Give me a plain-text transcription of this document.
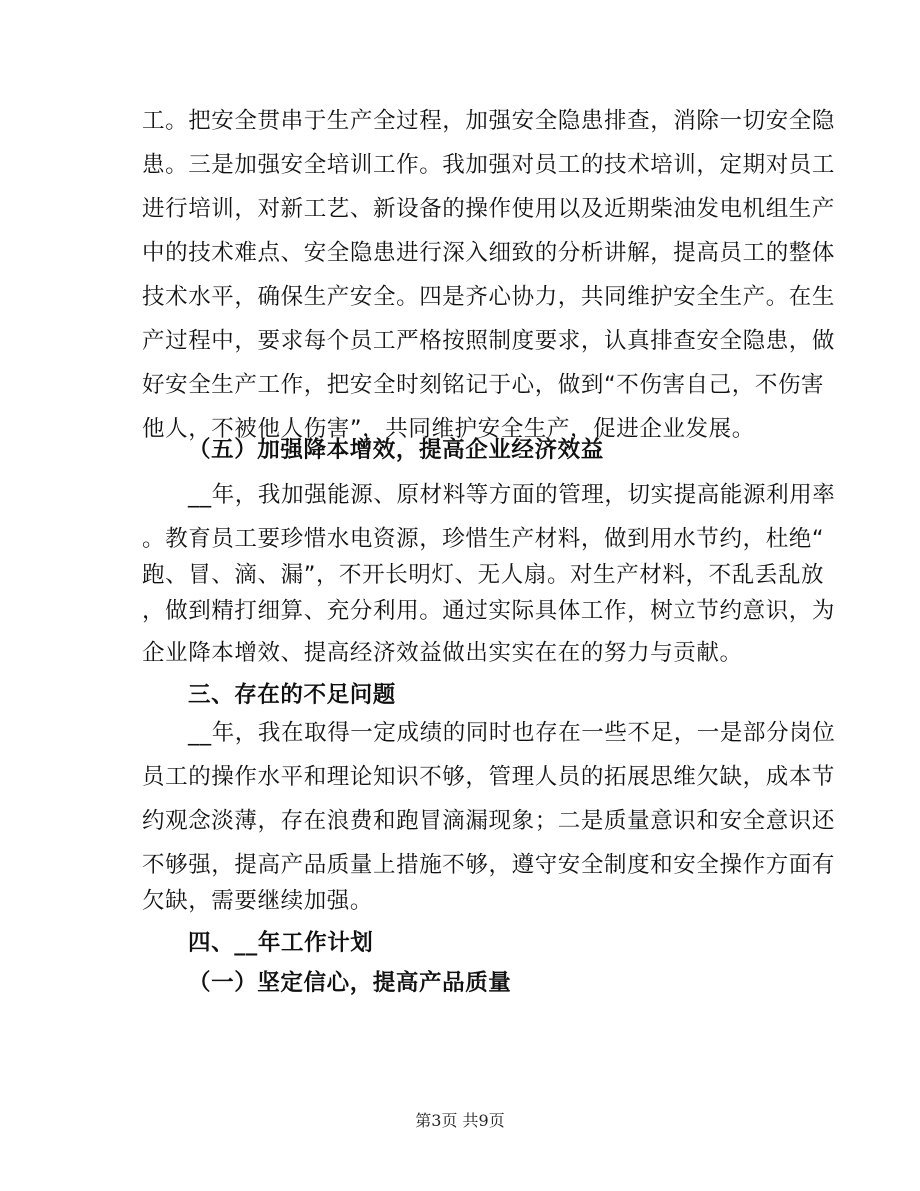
工。把安全贯串于生产全过程，加强安全隐患排查，消除一切安全隐
患。三是加强安全培训工作。我加强对员工的技术培训，定期对员工
进行培训，对新工艺、新设备的操作使用以及近期柴油发电机组生产
中的技术难点、安全隐患进行深入细致的分析讲解，提高员工的整体
技术水平，确保生产安全。四是齐心协力，共同维护安全生产。在生
产过程中，要求每个员工严格按照制度要求，认真排查安全隐患，做
好安全生产工作，把安全时刻铭记于心，做到“不伤害自己，不伤害
他人，不被他人伤害”，共同维护安全生产，促进企业发展。
（五）加强降本增效，提高企业经济效益
__年，我加强能源、原材料等方面的管理，切实提高能源利用率
。教育员工要珍惜水电资源，珍惜生产材料，做到用水节约，杜绝“
跑、冒、滴、漏”，不开长明灯、无人扇。对生产材料，不乱丢乱放
，做到精打细算、充分利用。通过实际具体工作，树立节约意识，为
企业降本增效、提高经济效益做出实实在在的努力与贡献。
三、存在的不足问题
__年，我在取得一定成绩的同时也存在一些不足，一是部分岗位
员工的操作水平和理论知识不够，管理人员的拓展思维欠缺，成本节
约观念淡薄，存在浪费和跑冒滴漏现象；二是质量意识和安全意识还
不够强，提高产品质量上措施不够，遵守安全制度和安全操作方面有
欠缺，需要继续加强。
四、__年工作计划
（一）坚定信心，提高产品质量
第3页 共9页
